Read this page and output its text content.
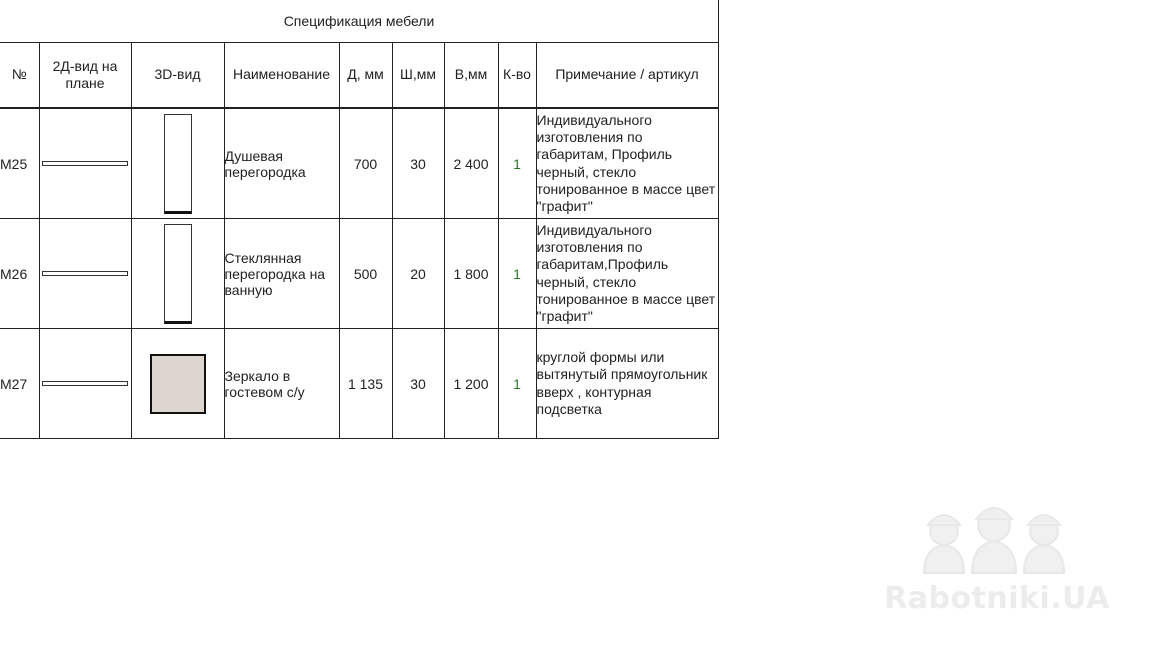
Спецификация мебели
№	2Д-вид на плане	3D-вид	Наименование	Д, мм	Ш,мм	В,мм	К-во	Примечание / артикул
M25			Душевая перегородка	700	30	2 400	1	Индивидуального изготовления по габаритам, Профиль черный, стекло тонированное в массе цвет "графит"
M26			Стеклянная перегородка на ванную	500	20	1 800	1	Индивидуального изготовления по габаритам,Профиль черный, стекло тонированное в массе цвет "графит"
M27			Зеркало в гостевом с/у	1 135	30	1 200	1	круглой формы или вытянутый прямоугольник вверх , контурная подсветка
Rabotniki.UA
